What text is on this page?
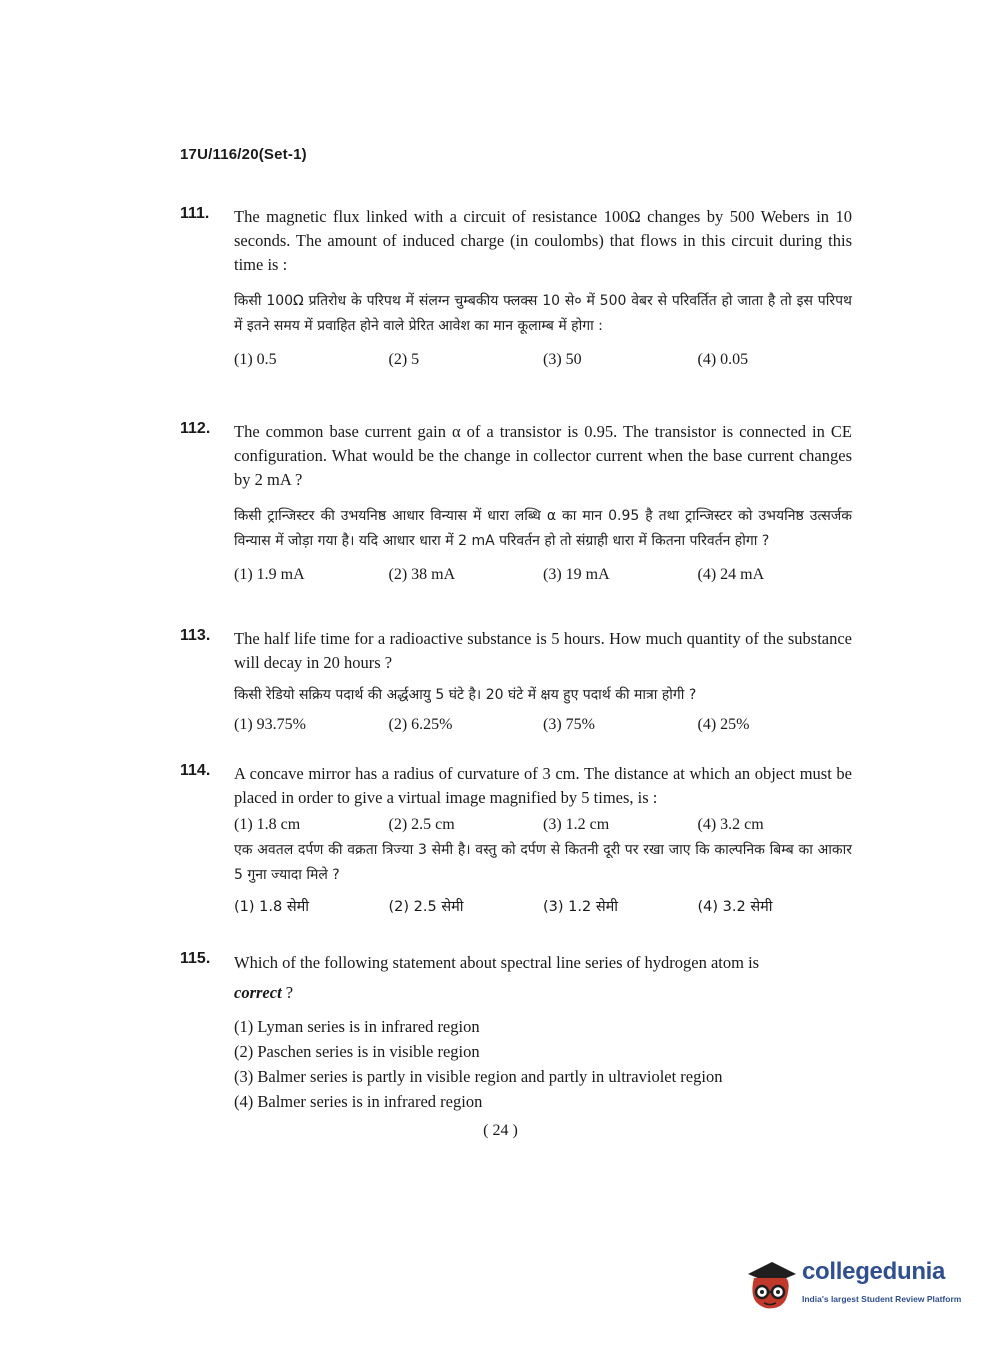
17U/116/20(Set-1)
111. The magnetic flux linked with a circuit of resistance 100Ω changes by 500 Webers in 10 seconds. The amount of induced charge (in coulombs) that flows in this circuit during this time is :
किसी 100Ω प्रतिरोध के परिपथ में संलग्न चुम्बकीय फ्लक्स 10 से० में 500 वेबर से परिवर्तित हो जाता है तो इस परिपथ में इतने समय में प्रवाहित होने वाले प्रेरित आवेश का मान कूलाम्ब में होगा :
(1) 0.5	(2) 5	(3) 50	(4) 0.05
112. The common base current gain α of a transistor is 0.95. The transistor is connected in CE configuration. What would be the change in collector current when the base current changes by 2 mA ?
किसी ट्रान्जिस्टर की उभयनिष्ठ आधार विन्यास में धारा लब्धि α का मान 0.95 है तथा ट्रान्जिस्टर को उभयनिष्ठ उत्सर्जक विन्यास में जोड़ा गया है। यदि आधार धारा में 2 mA परिवर्तन हो तो संग्राही धारा में कितना परिवर्तन होगा ?
(1) 1.9 mA	(2) 38 mA	(3) 19 mA	(4) 24 mA
113. The half life time for a radioactive substance is 5 hours. How much quantity of the substance will decay in 20 hours ?
किसी रेडियो सक्रिय पदार्थ की अर्द्धआयु 5 घंटे है। 20 घंटे में क्षय हुए पदार्थ की मात्रा होगी ?
(1) 93.75%	(2) 6.25%	(3) 75%	(4) 25%
114. A concave mirror has a radius of curvature of 3 cm. The distance at which an object must be placed in order to give a virtual image magnified by 5 times, is :
(1) 1.8 cm	(2) 2.5 cm	(3) 1.2 cm	(4) 3.2 cm
एक अवतल दर्पण की वक्रता त्रिज्या 3 सेमी है। वस्तु को दर्पण से कितनी दूरी पर रखा जाए कि काल्पनिक बिम्ब का आकार 5 गुना ज्यादा मिले ?
(1) 1.8 सेमी	(2) 2.5 सेमी	(3) 1.2 सेमी	(4) 3.2 सेमी
115. Which of the following statement about spectral line series of hydrogen atom is
correct ?
(1) Lyman series is in infrared region
(2) Paschen series is in visible region
(3) Balmer series is partly in visible region and partly in ultraviolet region
(4) Balmer series is in infrared region
( 24 )
collegedunia
India's largest Student Review Platform
